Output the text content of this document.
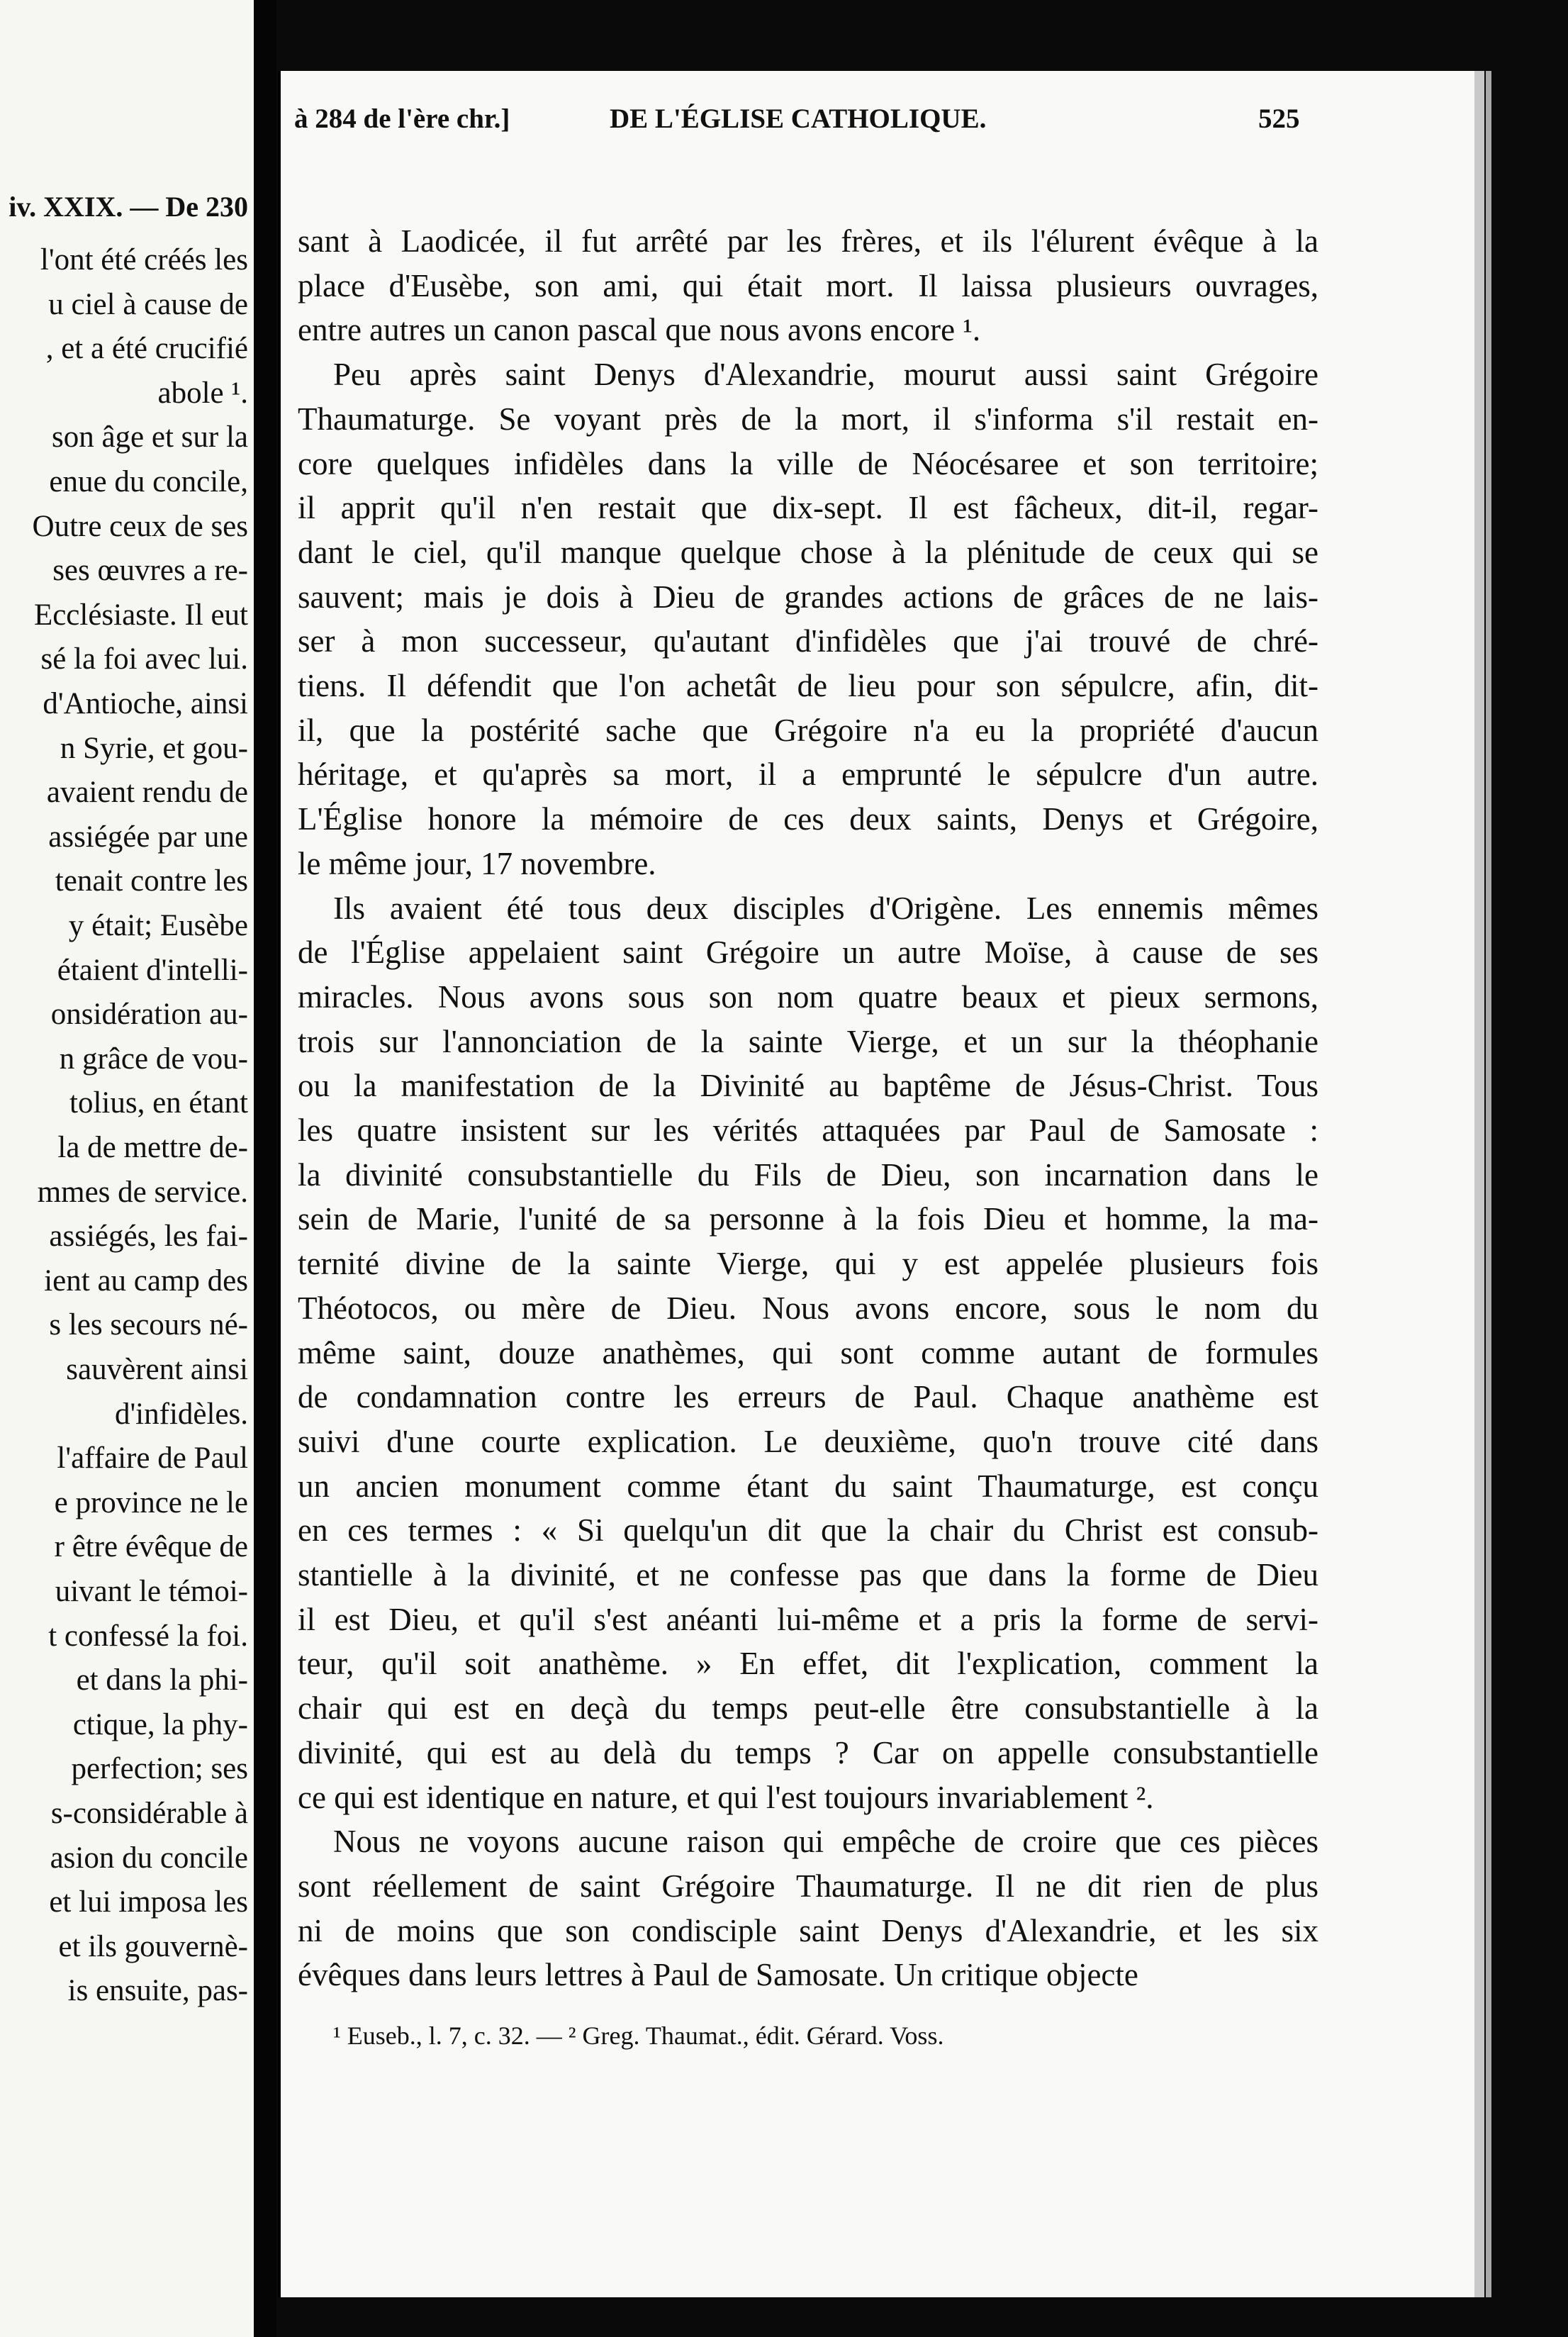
iv. XXIX. — De 230
l'ont été créés les
u ciel à cause de
, et a été crucifié
abole ¹.
son âge et sur la
enue du concile,
Outre ceux de ses
ses œuvres a re-
Ecclésiaste. Il eut
sé la foi avec lui.
d'Antioche, ainsi
n Syrie, et gou-
avaient rendu de
assiégée par une
tenait contre les
y était; Eusèbe
étaient d'intelli-
onsidération au-
n grâce de vou-
tolius, en étant
la de mettre de-
mmes de service.
assiégés, les fai-
ient au camp des
s les secours né-
sauvèrent ainsi
d'infidèles.
l'affaire de Paul
e province ne le
r être évêque de
uivant le témoi-
t confessé la foi.
et dans la phi-
ctique, la phy-
perfection; ses
s-considérable à
asion du concile
et lui imposa les
et ils gouvernè-
is ensuite, pas-
à 284 de l'ère chr.]	DE L'ÉGLISE CATHOLIQUE.	525
sant à Laodicée, il fut arrêté par les frères, et ils l'élurent évêque à la
place d'Eusèbe, son ami, qui était mort. Il laissa plusieurs ouvrages,
entre autres un canon pascal que nous avons encore ¹.
Peu après saint Denys d'Alexandrie, mourut aussi saint Grégoire
Thaumaturge. Se voyant près de la mort, il s'informa s'il restait en-
core quelques infidèles dans la ville de Néocésaree et son territoire;
il apprit qu'il n'en restait que dix-sept. Il est fâcheux, dit-il, regar-
dant le ciel, qu'il manque quelque chose à la plénitude de ceux qui se
sauvent; mais je dois à Dieu de grandes actions de grâces de ne lais-
ser à mon successeur, qu'autant d'infidèles que j'ai trouvé de chré-
tiens. Il défendit que l'on achetât de lieu pour son sépulcre, afin, dit-
il, que la postérité sache que Grégoire n'a eu la propriété d'aucun
héritage, et qu'après sa mort, il a emprunté le sépulcre d'un autre.
L'Église honore la mémoire de ces deux saints, Denys et Grégoire,
le même jour, 17 novembre.
Ils avaient été tous deux disciples d'Origène. Les ennemis mêmes
de l'Église appelaient saint Grégoire un autre Moïse, à cause de ses
miracles. Nous avons sous son nom quatre beaux et pieux sermons,
trois sur l'annonciation de la sainte Vierge, et un sur la théophanie
ou la manifestation de la Divinité au baptême de Jésus-Christ. Tous
les quatre insistent sur les vérités attaquées par Paul de Samosate :
la divinité consubstantielle du Fils de Dieu, son incarnation dans le
sein de Marie, l'unité de sa personne à la fois Dieu et homme, la ma-
ternité divine de la sainte Vierge, qui y est appelée plusieurs fois
Théotocos, ou mère de Dieu. Nous avons encore, sous le nom du
même saint, douze anathèmes, qui sont comme autant de formules
de condamnation contre les erreurs de Paul. Chaque anathème est
suivi d'une courte explication. Le deuxième, quo'n trouve cité dans
un ancien monument comme étant du saint Thaumaturge, est conçu
en ces termes : « Si quelqu'un dit que la chair du Christ est consub-
stantielle à la divinité, et ne confesse pas que dans la forme de Dieu
il est Dieu, et qu'il s'est anéanti lui-même et a pris la forme de servi-
teur, qu'il soit anathème. » En effet, dit l'explication, comment la
chair qui est en deçà du temps peut-elle être consubstantielle à la
divinité, qui est au delà du temps ? Car on appelle consubstantielle
ce qui est identique en nature, et qui l'est toujours invariablement ².
Nous ne voyons aucune raison qui empêche de croire que ces pièces
sont réellement de saint Grégoire Thaumaturge. Il ne dit rien de plus
ni de moins que son condisciple saint Denys d'Alexandrie, et les six
évêques dans leurs lettres à Paul de Samosate. Un critique objecte
¹ Euseb., l. 7, c. 32. — ² Greg. Thaumat., édit. Gérard. Voss.
